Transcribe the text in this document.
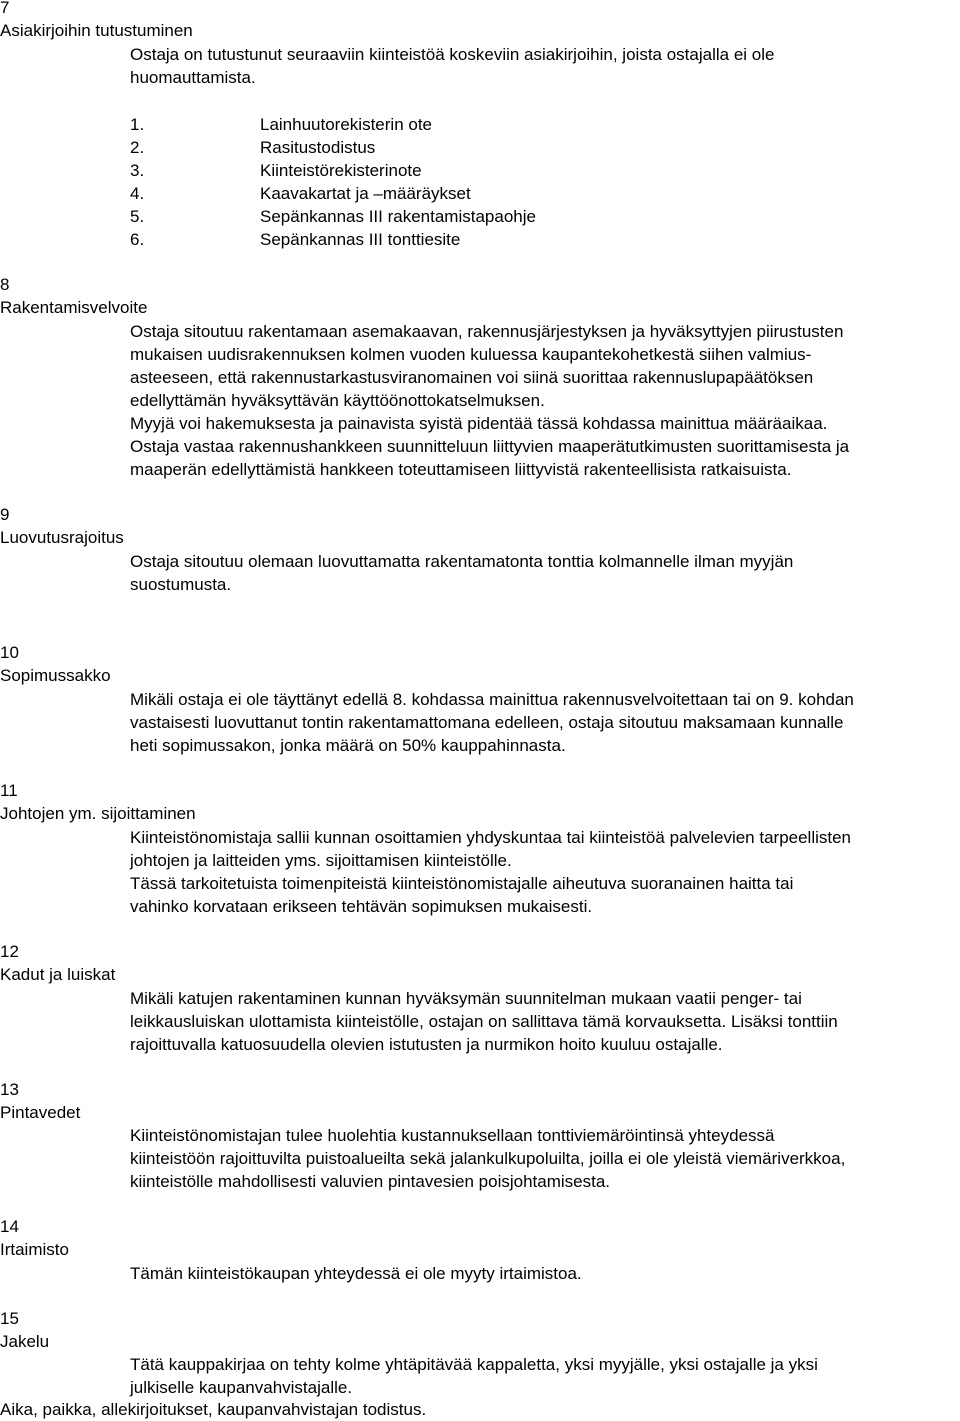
7
Asiakirjoihin tutustuminen
Ostaja on tutustunut seuraaviin kiinteistöä koskeviin asiakirjoihin, joista ostajalla ei ole
huomauttamista.
1.	Lainhuutorekisterin ote
2.	Rasitustodistus
3.	Kiinteistörekisterinote
4.	Kaavakartat ja –määräykset
5.	Sepänkannas III rakentamistapaohje
6.	Sepänkannas III tonttiesite
8
Rakentamisvelvoite
Ostaja sitoutuu rakentamaan asemakaavan, rakennusjärjestyksen ja hyväksyttyjen piirustusten
mukaisen uudisrakennuksen kolmen vuoden kuluessa kaupantekohetkestä siihen valmius-
asteeseen, että rakennustarkastusviranomainen voi siinä suorittaa rakennuslupapäätöksen
edellyttämän hyväksyttävän käyttöönottokatselmuksen.
Myyjä voi hakemuksesta ja painavista syistä pidentää tässä kohdassa mainittua määräaikaa.
Ostaja vastaa rakennushankkeen suunnitteluun liittyvien maaperätutkimusten suorittamisesta ja
maaperän edellyttämistä hankkeen toteuttamiseen liittyvistä rakenteellisista ratkaisuista.
9
Luovutusrajoitus
Ostaja sitoutuu olemaan luovuttamatta rakentamatonta tonttia kolmannelle ilman myyjän
suostumusta.
10
Sopimussakko
Mikäli ostaja ei ole täyttänyt edellä 8. kohdassa mainittua rakennusvelvoitettaan tai on 9. kohdan
vastaisesti luovuttanut tontin rakentamattomana edelleen, ostaja sitoutuu maksamaan kunnalle
heti sopimussakon, jonka määrä on 50% kauppahinnasta.
11
Johtojen ym. sijoittaminen
Kiinteistönomistaja sallii kunnan osoittamien yhdyskuntaa tai kiinteistöä palvelevien tarpeellisten
johtojen ja laitteiden yms. sijoittamisen kiinteistölle.
Tässä tarkoitetuista toimenpiteistä kiinteistönomistajalle aiheutuva suoranainen haitta tai
vahinko korvataan erikseen tehtävän sopimuksen mukaisesti.
12
Kadut ja luiskat
Mikäli katujen rakentaminen kunnan hyväksymän suunnitelman mukaan vaatii penger- tai
leikkausluiskan ulottamista kiinteistölle, ostajan on sallittava tämä korvauksetta. Lisäksi tonttiin
rajoittuvalla katuosuudella olevien istutusten ja nurmikon hoito kuuluu ostajalle.
13
Pintavedet
Kiinteistönomistajan tulee huolehtia kustannuksellaan tonttiviemäröintinsä yhteydessä
kiinteistöön rajoittuvilta puistoalueilta sekä jalankulkupoluilta, joilla ei ole yleistä viemäriverkkoa,
kiinteistölle mahdollisesti valuvien pintavesien poisjohtamisesta.
14
Irtaimisto
Tämän kiinteistökaupan yhteydessä ei ole myyty irtaimistoa.
15
Jakelu
Tätä kauppakirjaa on tehty kolme yhtäpitävää kappaletta, yksi myyjälle, yksi ostajalle ja yksi
julkiselle kaupanvahvistajalle.
Aika, paikka, allekirjoitukset, kaupanvahvistajan todistus.
